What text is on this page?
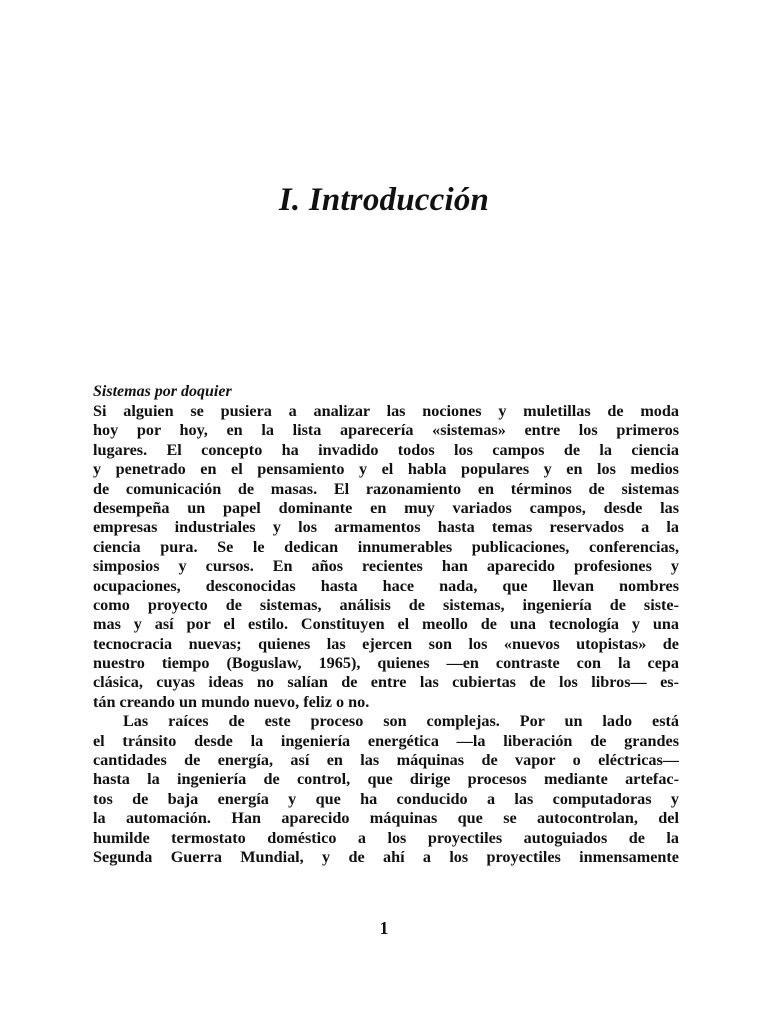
I. Introducción
Sistemas por doquier
Si alguien se pusiera a analizar las nociones y muletillas de moda
hoy por hoy, en la lista aparecería «sistemas» entre los primeros
lugares. El concepto ha invadido todos los campos de la ciencia
y penetrado en el pensamiento y el habla populares y en los medios
de comunicación de masas. El razonamiento en términos de sistemas
desempeña un papel dominante en muy variados campos, desde las
empresas industriales y los armamentos hasta temas reservados a la
ciencia pura. Se le dedican innumerables publicaciones, conferencias,
simposios y cursos. En años recientes han aparecido profesiones y
ocupaciones, desconocidas hasta hace nada, que llevan nombres
como proyecto de sistemas, análisis de sistemas, ingeniería de siste-
mas y así por el estilo. Constituyen el meollo de una tecnología y una
tecnocracia nuevas; quienes las ejercen son los «nuevos utopistas» de
nuestro tiempo (Boguslaw, 1965), quienes —en contraste con la cepa
clásica, cuyas ideas no salían de entre las cubiertas de los libros— es-
tán creando un mundo nuevo, feliz o no.
Las raíces de este proceso son complejas. Por un lado está
el tránsito desde la ingeniería energética —la liberación de grandes
cantidades de energía, así en las máquinas de vapor o eléctricas—
hasta la ingeniería de control, que dirige procesos mediante artefac-
tos de baja energía y que ha conducido a las computadoras y
la automación. Han aparecido máquinas que se autocontrolan, del
humilde termostato doméstico a los proyectiles autoguiados de la
Segunda Guerra Mundial, y de ahí a los proyectiles inmensamente

1
